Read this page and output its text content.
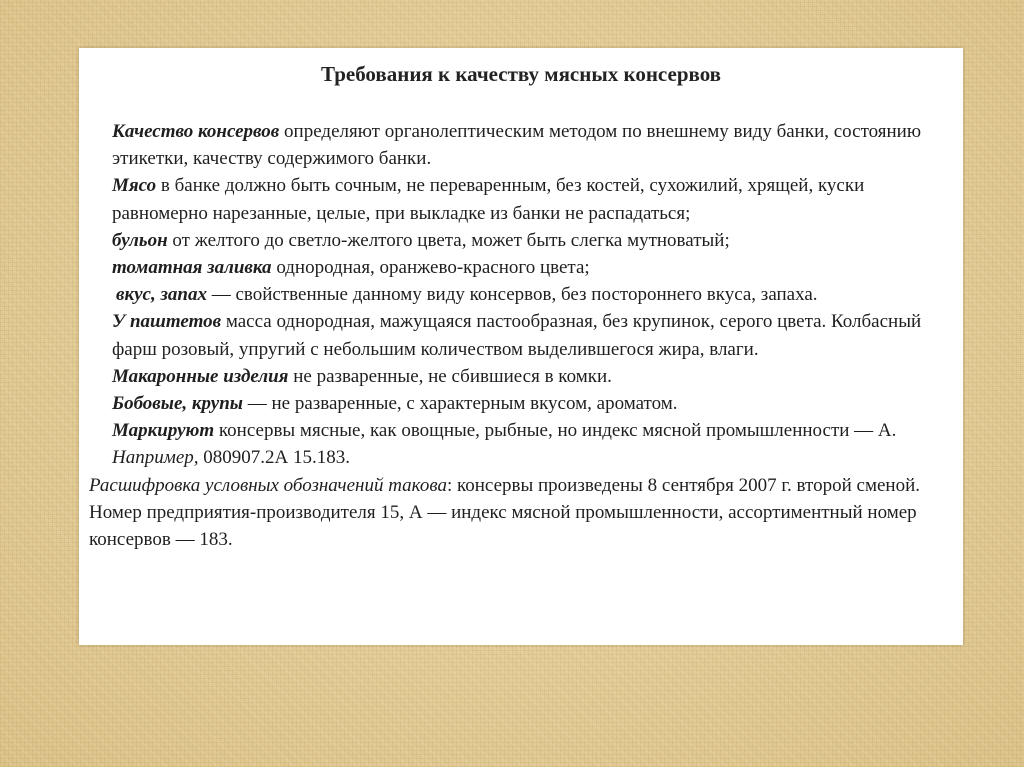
Требования к качеству мясных консервов

Качество консервов определяют органолептическим методом по внешнему виду банки, состоянию этикетки, качеству содержимого банки.

Мясо в банке должно быть сочным, не переваренным, без костей, сухожилий, хрящей, куски равномерно нарезанные, целые, при выкладке из банки не распадаться;

бульон от желтого до светло-желтого цвета, может быть слегка мутноватый;

томатная заливка однородная, оранжево-красного цвета;

вкус, запах — свойственные данному виду консервов, без постороннего вкуса, запаха.

У паштетов масса однородная, мажущаяся пастообразная, без крупинок, серого цвета. Колбасный фарш розовый, упругий с небольшим количеством выделившегося жира, влаги.

Макаронные изделия не разваренные, не сбившиеся в комки.

Бобовые, крупы — не разваренные, с характерным вкусом, ароматом.

Маркируют консервы мясные, как овощные, рыбные, но индекс мясной промышленности — А.

Например, 080907.2А 15.183.

Расшифровка условных обозначений такова: консервы произведены 8 сентября 2007 г. второй сменой. Номер предприятия-производителя 15, А — индекс мясной промышленности, ассортиментный номер консервов — 183.
